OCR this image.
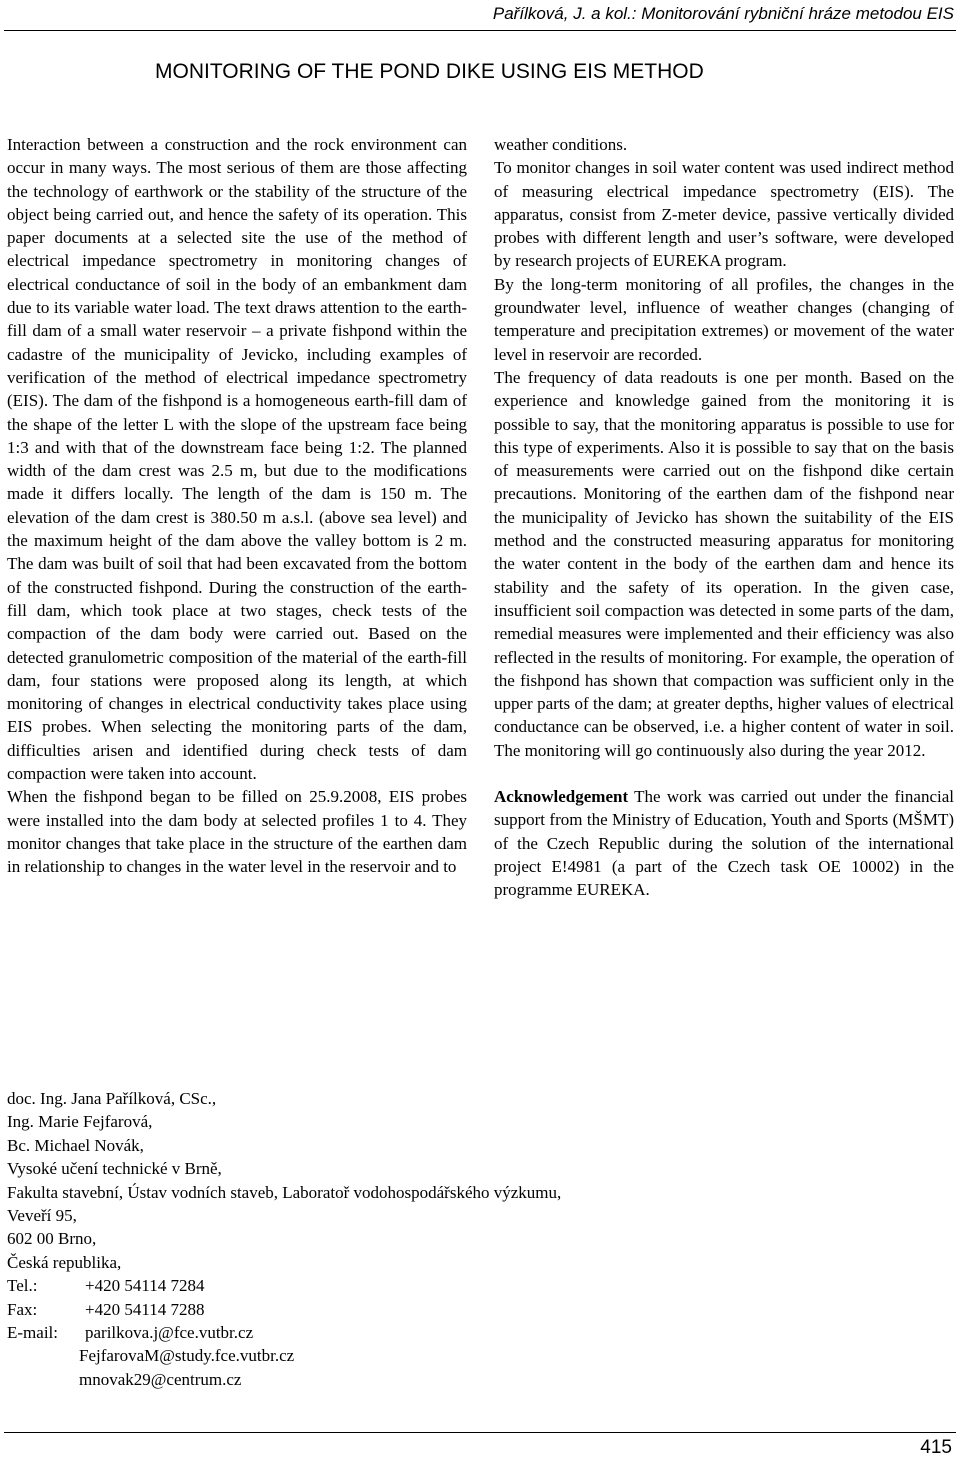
Pařílková, J. a kol.: Monitorování rybniční hráze metodou EIS
MONITORING OF THE POND DIKE USING EIS METHOD

Interaction between a construction and the rock environment can occur in many ways. The most serious of them are those affecting the technology of earthwork or the stability of the structure of the object being carried out, and hence the safety of its operation. This paper documents at a selected site the use of the method of electrical impedance spectrometry in monitoring changes of electrical conductance of soil in the body of an embankment dam due to its variable water load. The text draws attention to the earth-fill dam of a small water reservoir – a private fishpond within the cadastre of the municipality of Jevicko, including examples of verification of the method of electrical impedance spectrometry (EIS). The dam of the fishpond is a homogeneous earth-fill dam of the shape of the letter L with the slope of the upstream face being 1:3 and with that of the downstream face being 1:2. The planned width of the dam crest was 2.5 m, but due to the modifications made it differs locally. The length of the dam is 150 m. The elevation of the dam crest is 380.50 m a.s.l. (above sea level) and the maximum height of the dam above the valley bottom is 2 m. The dam was built of soil that had been excavated from the bottom of the constructed fishpond. During the construction of the earth-fill dam, which took place at two stages, check tests of the compaction of the dam body were carried out. Based on the detected granulometric composition of the material of the earth-fill dam, four stations were proposed along its length, at which monitoring of changes in electrical conductivity takes place using EIS probes. When selecting the monitoring parts of the dam, difficulties arisen and identified during check tests of dam compaction were taken into account.

When the fishpond began to be filled on 25.9.2008, EIS probes were installed into the dam body at selected profiles 1 to 4. They monitor changes that take place in the structure of the earthen dam in relationship to changes in the water level in the reservoir and to

weather conditions.

To monitor changes in soil water content was used indirect method of measuring electrical impedance spectrometry (EIS). The apparatus, consist from Z-meter device, passive vertically divided probes with different length and user’s software, were developed by research projects of EUREKA program.

By the long-term monitoring of all profiles, the changes in the groundwater level, influence of weather changes (changing of temperature and precipitation extremes) or movement of the water level in reservoir are recorded.

The frequency of data readouts is one per month. Based on the experience and knowledge gained from the monitoring it is possible to say, that the monitoring apparatus is possible to use for this type of experiments. Also it is possible to say that on the basis of measurements were carried out on the fishpond dike certain precautions. Monitoring of the earthen dam of the fishpond near the municipality of Jevicko has shown the suitability of the EIS method and the constructed measuring apparatus for monitoring the water content in the body of the earthen dam and hence its stability and the safety of its operation. In the given case, insufficient soil compaction was detected in some parts of the dam, remedial measures were implemented and their efficiency was also reflected in the results of monitoring. For example, the operation of the fishpond has shown that compaction was sufficient only in the upper parts of the dam; at greater depths, higher values of electrical conductance can be observed, i.e. a higher content of water in soil. The monitoring will go continuously also during the year 2012.

Acknowledgement The work was carried out under the financial support from the Ministry of Education, Youth and Sports (MŠMT) of the Czech Republic during the solution of the international project E!4981 (a part of the Czech task OE 10002) in the programme EUREKA.

doc. Ing. Jana Pařílková, CSc.,
Ing. Marie Fejfarová,
Bc. Michael Novák,
Vysoké učení technické v Brně,
Fakulta stavební, Ústav vodních staveb, Laboratoř vodohospodářského výzkumu,
Veveří 95,
602 00 Brno,
Česká republika,
Tel.:	+420 54114 7284
Fax:	+420 54114 7288
E-mail: parilkova.j@fce.vutbr.cz
FejfarovaM@study.fce.vutbr.cz
mnovak29@centrum.cz
415
